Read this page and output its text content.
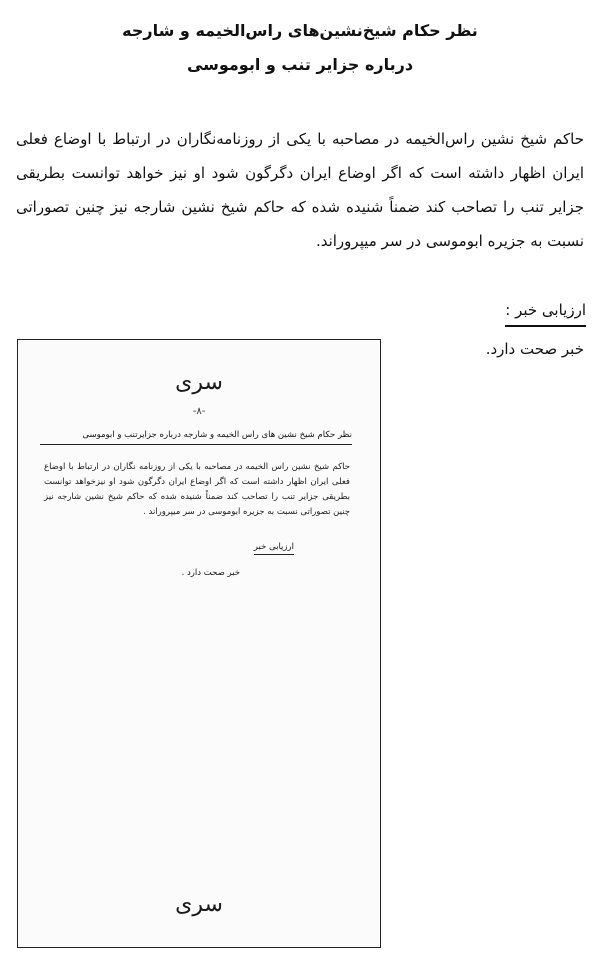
نظر حکام شیخ‌نشین‌های راس‌الخیمه و شارجه
درباره جزایر تنب و ابوموسی
حاکم شیخ نشین راس‌الخیمه در مصاحبه با یکی از روزنامه‌نگاران در ارتباط با اوضاع فعلی ایران اظهار داشته است که اگر اوضاع ایران دگرگون شود او نیز خواهد توانست بطریقی جزایر تنب را تصاحب کند ضمناً شنیده شده که حاکم شیخ نشین شارجه نیز چنین تصوراتی نسبت به جزیره ابوموسی در سر میپروراند.
ارزیابی خبر :
خبر صحت دارد.
سری
-۸-
نظر حکام شیخ نشین های راس الخیمه و شارجه درباره جزایرتنب و ابوموسی
حاکم شیخ نشین راس الخیمه در مصاحبه با یکی از روزنامه نگاران در ارتباط با اوضاع فعلی ایران اظهار داشته است که اگر اوضاع ایران دگرگون شود او نیزخواهد توانست بطریقی جزایر تنب را تصاحب کند ضمناً شنیده شده که حاکم شیخ نشین شارجه نیز چنین تصوراتی نسبت به جزیره ابوموسی در سر میپروراند .
ارزیابی خبر
خبر صحت دارد .
سری
